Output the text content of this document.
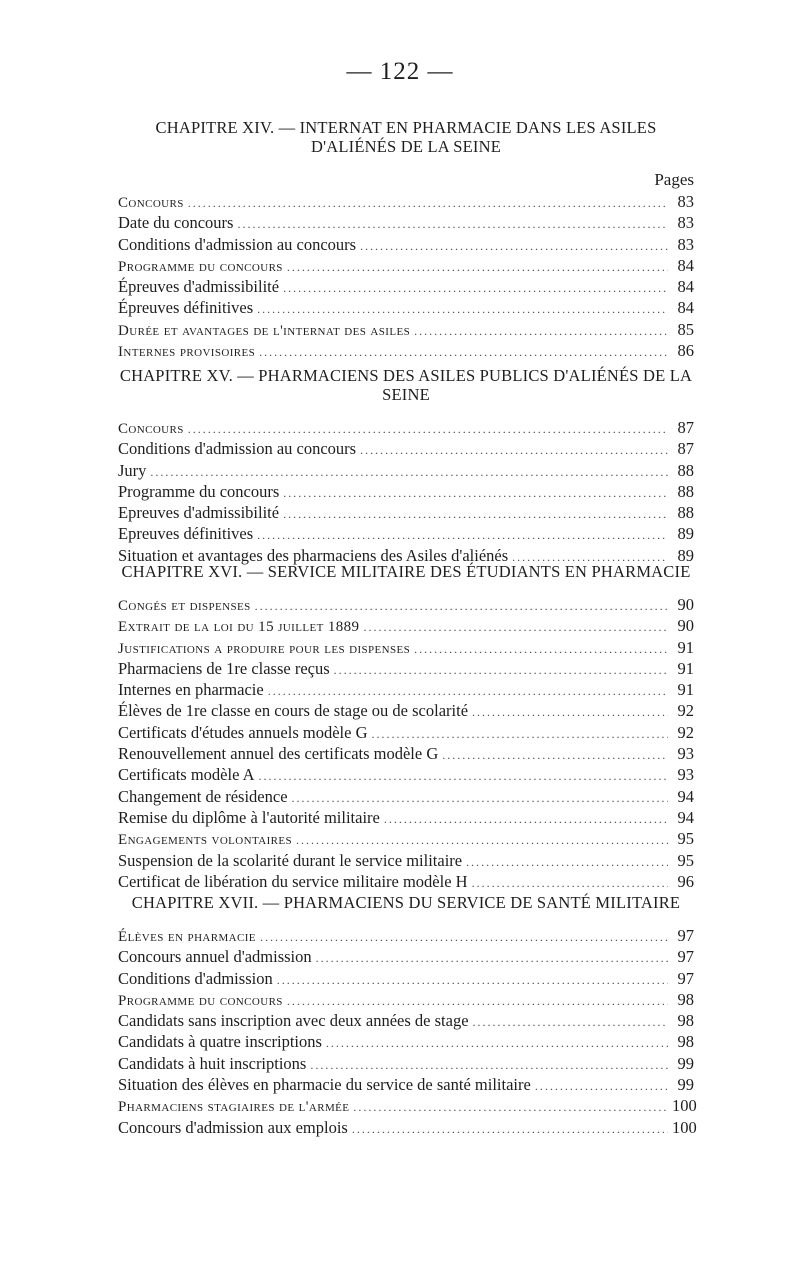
— 122 —
CHAPITRE XIV. — INTERNAT EN PHARMACIE DANS LES ASILES D'ALIÉNÉS DE LA SEINE
Pages
Concours .....	83
Date du concours .....	83
Conditions d'admission au concours .....	83
Programme du concours .....	84
Épreuves d'admissibilité .....	84
Épreuves définitives .....	84
Durée et avantages de l'internat des asiles .....	85
Internes provisoires .....	86
CHAPITRE XV. — PHARMACIENS DES ASILES PUBLICS D'ALIÉNÉS DE LA SEINE
Concours .....	87
Conditions d'admission au concours .....	87
Jury .....	88
Programme du concours .....	88
Epreuves d'admissibilité .....	88
Epreuves définitives .....	89
Situation et avantages des pharmaciens des Asiles d'aliénés .....	89
CHAPITRE XVI. — SERVICE MILITAIRE DES ÉTUDIANTS EN PHARMACIE
Congés et dispenses .....	90
Extrait de la loi du 15 juillet 1889 .....	90
Justifications a produire pour les dispenses .....	91
Pharmaciens de 1re classe reçus .....	91
Internes en pharmacie .....	91
Élèves de 1re classe en cours de stage ou de scolarité .....	92
Certificats d'études annuels modèle G .....	92
Renouvellement annuel des certificats modèle G .....	93
Certificats modèle A .....	93
Changement de résidence .....	94
Remise du diplôme à l'autorité militaire .....	94
Engagements volontaires .....	95
Suspension de la scolarité durant le service militaire .....	95
Certificat de libération du service militaire modèle H .....	96
CHAPITRE XVII. — PHARMACIENS DU SERVICE DE SANTÉ MILITAIRE
Élèves en pharmacie .....	97
Concours annuel d'admission .....	97
Conditions d'admission .....	97
Programme du concours .....	98
Candidats sans inscription avec deux années de stage .....	98
Candidats à quatre inscriptions .....	98
Candidats à huit inscriptions .....	99
Situation des élèves en pharmacie du service de santé militaire .....	99
Pharmaciens stagiaires de l'armée .....	100
Concours d'admission aux emplois .....	100
